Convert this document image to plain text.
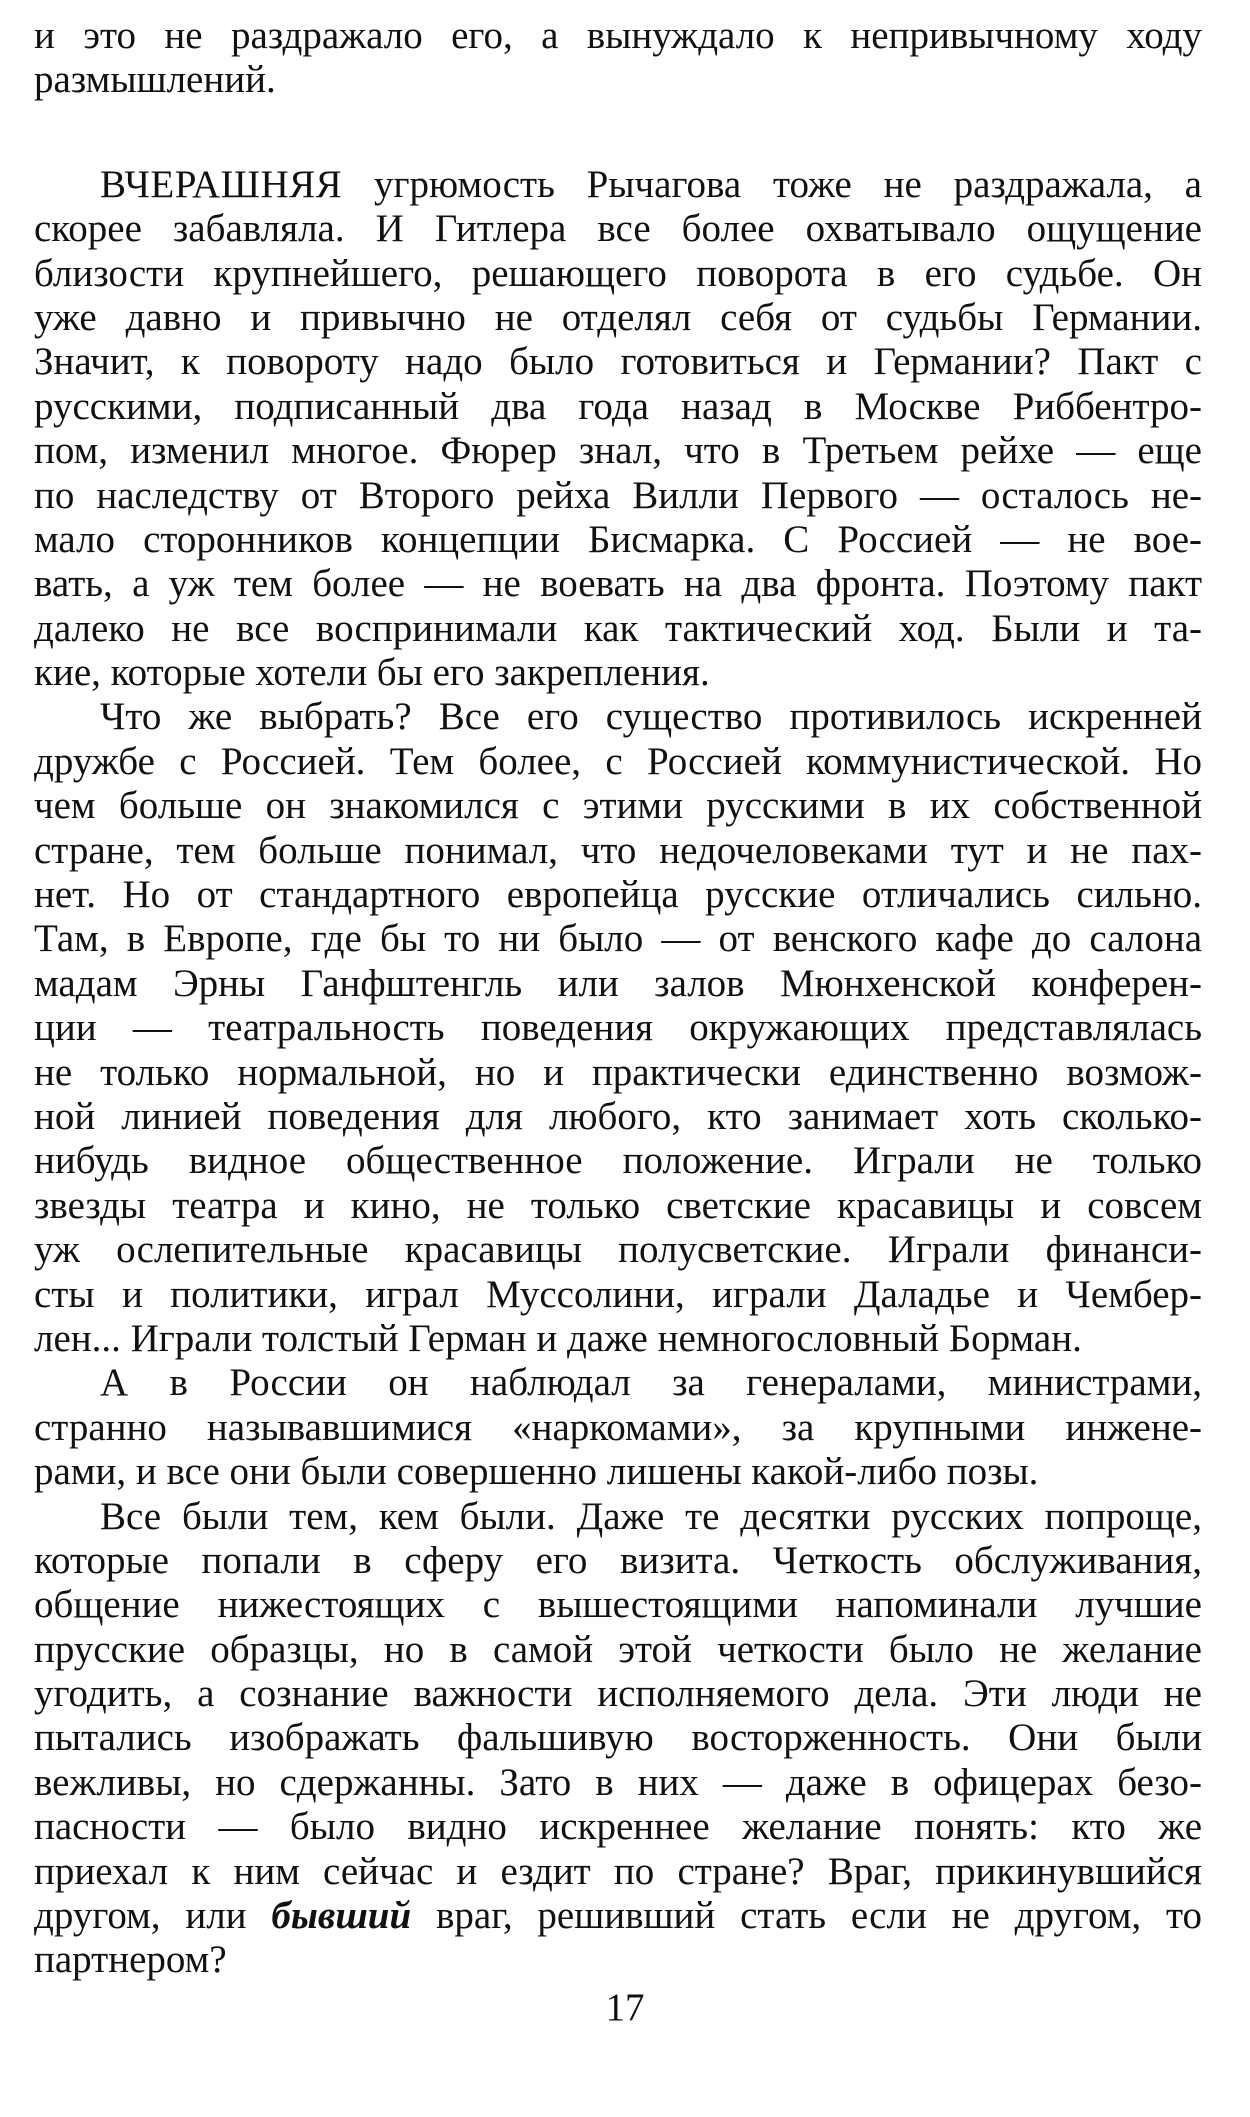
и это не раздражало его, а вынуждало к непривычному ходу
размышлений.
ВЧЕРАШНЯЯ угрюмость Рычагова тоже не раздражала, а
скорее забавляла. И Гитлера все более охватывало ощущение
близости крупнейшего, решающего поворота в его судьбе. Он
уже давно и привычно не отделял себя от судьбы Германии.
Значит, к повороту надо было готовиться и Германии? Пакт с
русскими, подписанный два года назад в Москве Риббентро-
пом, изменил многое. Фюрер знал, что в Третьем рейхе — еще
по наследству от Второго рейха Вилли Первого — осталось не-
мало сторонников концепции Бисмарка. С Россией — не вое-
вать, а уж тем более — не воевать на два фронта. Поэтому пакт
далеко не все воспринимали как тактический ход. Были и та-
кие, которые хотели бы его закрепления.
Что же выбрать? Все его существо противилось искренней
дружбе с Россией. Тем более, с Россией коммунистической. Но
чем больше он знакомился с этими русскими в их собственной
стране, тем больше понимал, что недочеловеками тут и не пах-
нет. Но от стандартного европейца русские отличались сильно.
Там, в Европе, где бы то ни было — от венского кафе до салона
мадам Эрны Ганфштенгль или залов Мюнхенской конферен-
ции — театральность поведения окружающих представлялась
не только нормальной, но и практически единственно возмож-
ной линией поведения для любого, кто занимает хоть сколько-
нибудь видное общественное положение. Играли не только
звезды театра и кино, не только светские красавицы и совсем
уж ослепительные красавицы полусветские. Играли финанси-
сты и политики, играл Муссолини, играли Даладье и Чембер-
лен... Играли толстый Герман и даже немногословный Борман.
А в России он наблюдал за генералами, министрами,
странно называвшимися «наркомами», за крупными инжене-
рами, и все они были совершенно лишены какой-либо позы.
Все были тем, кем были. Даже те десятки русских попроще,
которые попали в сферу его визита. Четкость обслуживания,
общение нижестоящих с вышестоящими напоминали лучшие
прусские образцы, но в самой этой четкости было не желание
угодить, а сознание важности исполняемого дела. Эти люди не
пытались изображать фальшивую восторженность. Они были
вежливы, но сдержанны. Зато в них — даже в офицерах безо-
пасности — было видно искреннее желание понять: кто же
приехал к ним сейчас и ездит по стране? Враг, прикинувшийся
другом, или бывший враг, решивший стать если не другом, то
партнером?
17
